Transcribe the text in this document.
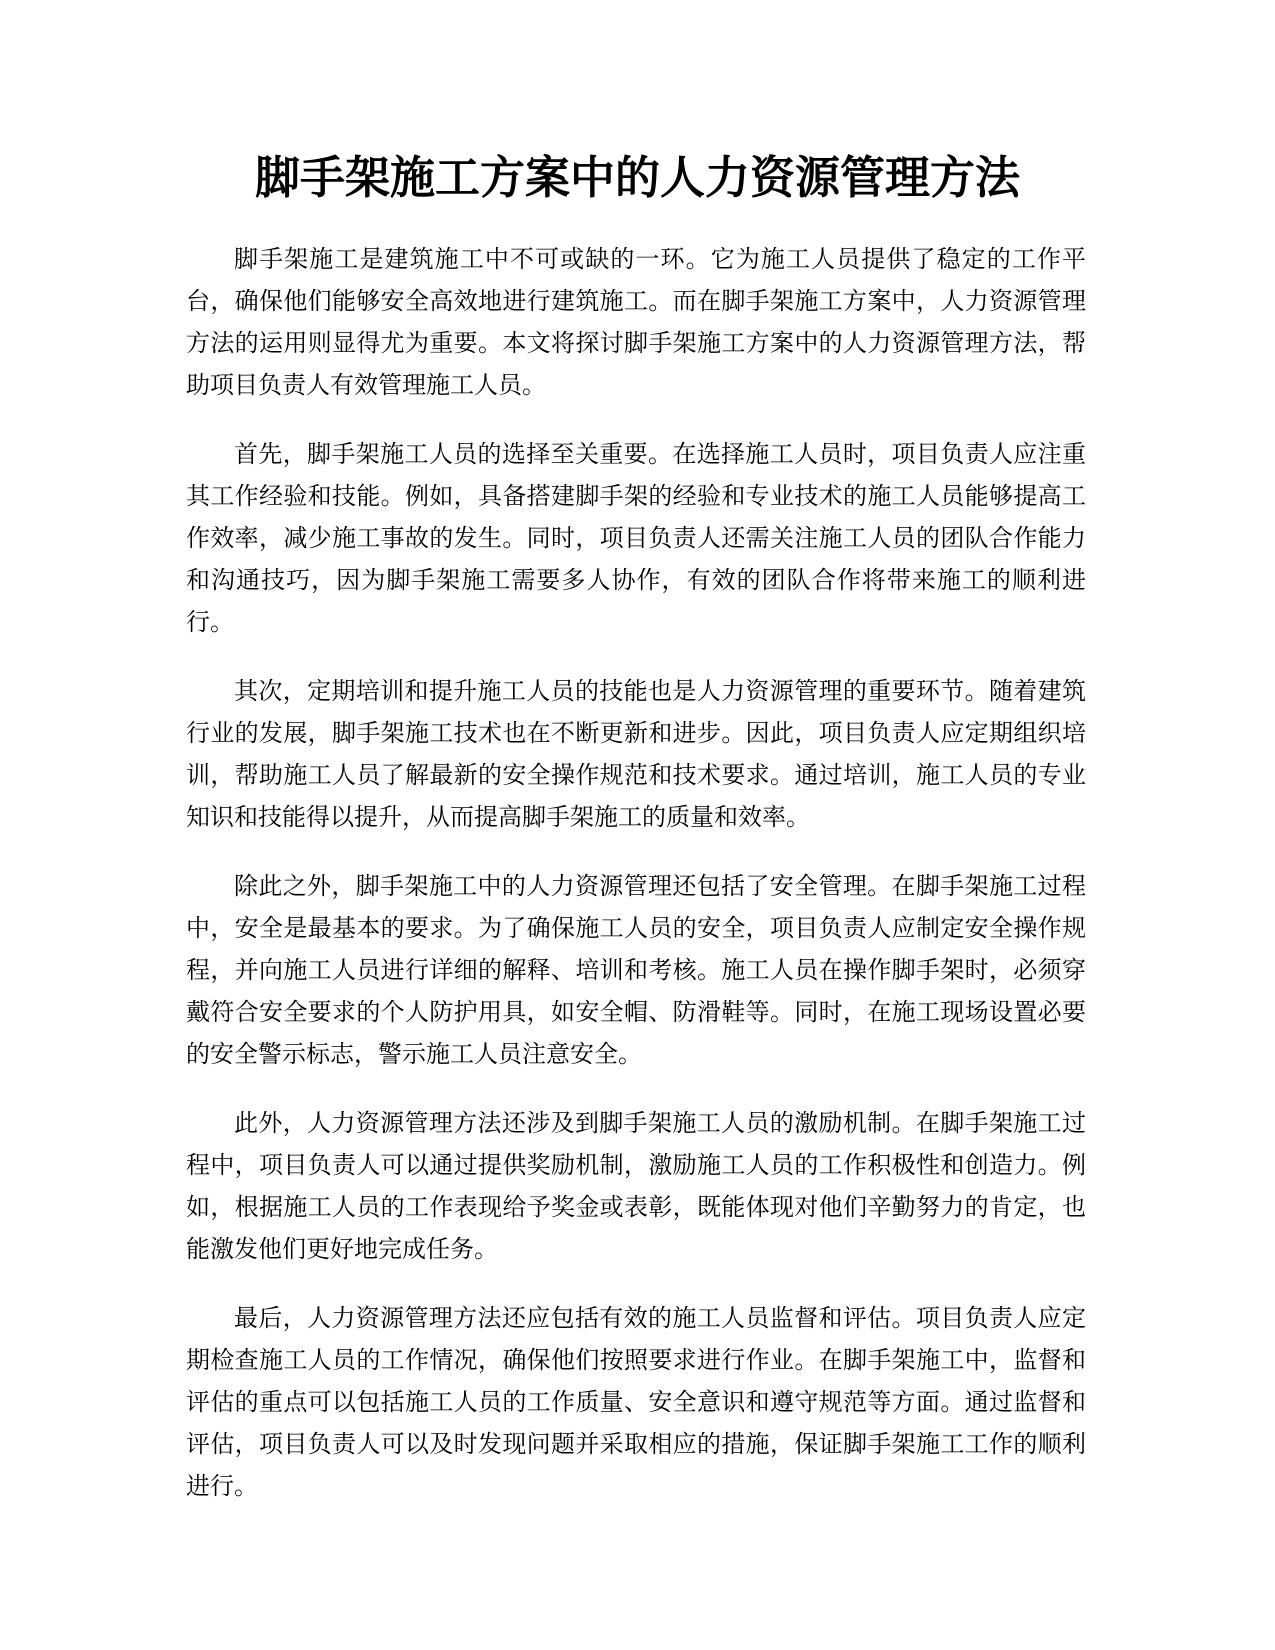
脚手架施工方案中的人力资源管理方法

脚手架施工是建筑施工中不可或缺的一环。它为施工人员提供了稳定的工作平台，确保他们能够安全高效地进行建筑施工。而在脚手架施工方案中，人力资源管理方法的运用则显得尤为重要。本文将探讨脚手架施工方案中的人力资源管理方法，帮助项目负责人有效管理施工人员。

首先，脚手架施工人员的选择至关重要。在选择施工人员时，项目负责人应注重其工作经验和技能。例如，具备搭建脚手架的经验和专业技术的施工人员能够提高工作效率，减少施工事故的发生。同时，项目负责人还需关注施工人员的团队合作能力和沟通技巧，因为脚手架施工需要多人协作，有效的团队合作将带来施工的顺利进行。

其次，定期培训和提升施工人员的技能也是人力资源管理的重要环节。随着建筑行业的发展，脚手架施工技术也在不断更新和进步。因此，项目负责人应定期组织培训，帮助施工人员了解最新的安全操作规范和技术要求。通过培训，施工人员的专业知识和技能得以提升，从而提高脚手架施工的质量和效率。

除此之外，脚手架施工中的人力资源管理还包括了安全管理。在脚手架施工过程中，安全是最基本的要求。为了确保施工人员的安全，项目负责人应制定安全操作规程，并向施工人员进行详细的解释、培训和考核。施工人员在操作脚手架时，必须穿戴符合安全要求的个人防护用具，如安全帽、防滑鞋等。同时，在施工现场设置必要的安全警示标志，警示施工人员注意安全。

此外，人力资源管理方法还涉及到脚手架施工人员的激励机制。在脚手架施工过程中，项目负责人可以通过提供奖励机制，激励施工人员的工作积极性和创造力。例如，根据施工人员的工作表现给予奖金或表彰，既能体现对他们辛勤努力的肯定，也能激发他们更好地完成任务。

最后，人力资源管理方法还应包括有效的施工人员监督和评估。项目负责人应定期检查施工人员的工作情况，确保他们按照要求进行作业。在脚手架施工中，监督和评估的重点可以包括施工人员的工作质量、安全意识和遵守规范等方面。通过监督和评估，项目负责人可以及时发现问题并采取相应的措施，保证脚手架施工工作的顺利进行。
